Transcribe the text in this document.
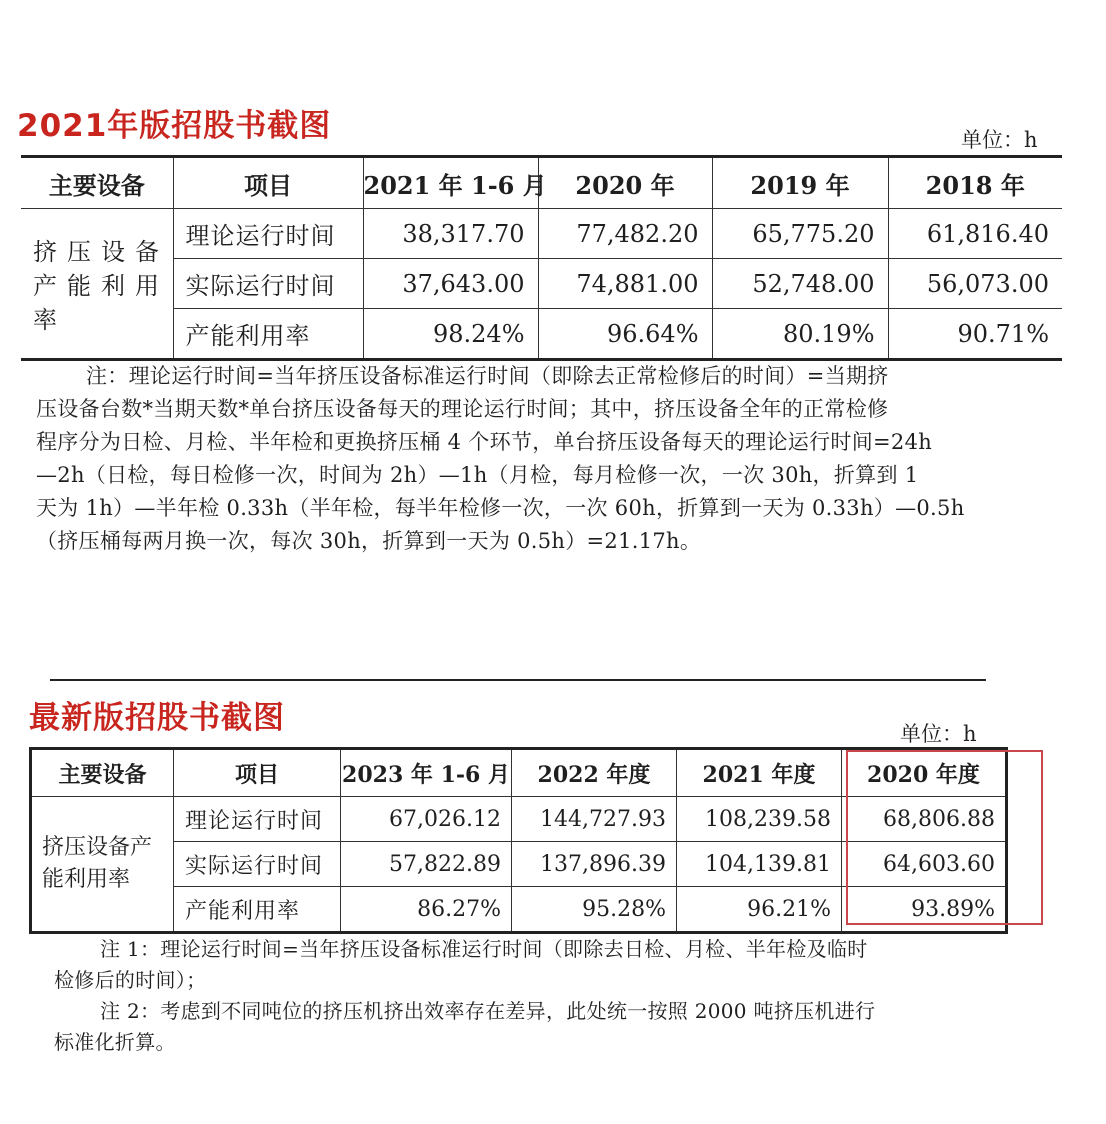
2021年版招股书截图	单位：h
主要设备	项目	2021 年 1-6 月	2020 年	2019 年	2018 年
挤压设备产能利用率	理论运行时间	38,317.70	77,482.20	65,775.20	61,816.40
	实际运行时间	37,643.00	74,881.00	52,748.00	56,073.00
	产能利用率	98.24%	96.64%	80.19%	90.71%
注：理论运行时间=当年挤压设备标准运行时间（即除去正常检修后的时间）=当期挤
压设备台数*当期天数*单台挤压设备每天的理论运行时间；其中，挤压设备全年的正常检修
程序分为日检、月检、半年检和更换挤压桶 4 个环节，单台挤压设备每天的理论运行时间=24h
—2h（日检，每日检修一次，时间为 2h）—1h（月检，每月检修一次，一次 30h，折算到 1
天为 1h）—半年检 0.33h（半年检，每半年检修一次，一次 60h，折算到一天为 0.33h）—0.5h
（挤压桶每两月换一次，每次 30h，折算到一天为 0.5h）=21.17h。
最新版招股书截图	单位：h
主要设备	项目	2023 年 1-6 月	2022 年度	2021 年度	2020 年度
挤压设备产能利用率	理论运行时间	67,026.12	144,727.93	108,239.58	68,806.88
	实际运行时间	57,822.89	137,896.39	104,139.81	64,603.60
	产能利用率	86.27%	95.28%	96.21%	93.89%
注 1：理论运行时间=当年挤压设备标准运行时间（即除去日检、月检、半年检及临时
检修后的时间）；
注 2：考虑到不同吨位的挤压机挤出效率存在差异，此处统一按照 2000 吨挤压机进行
标准化折算。
